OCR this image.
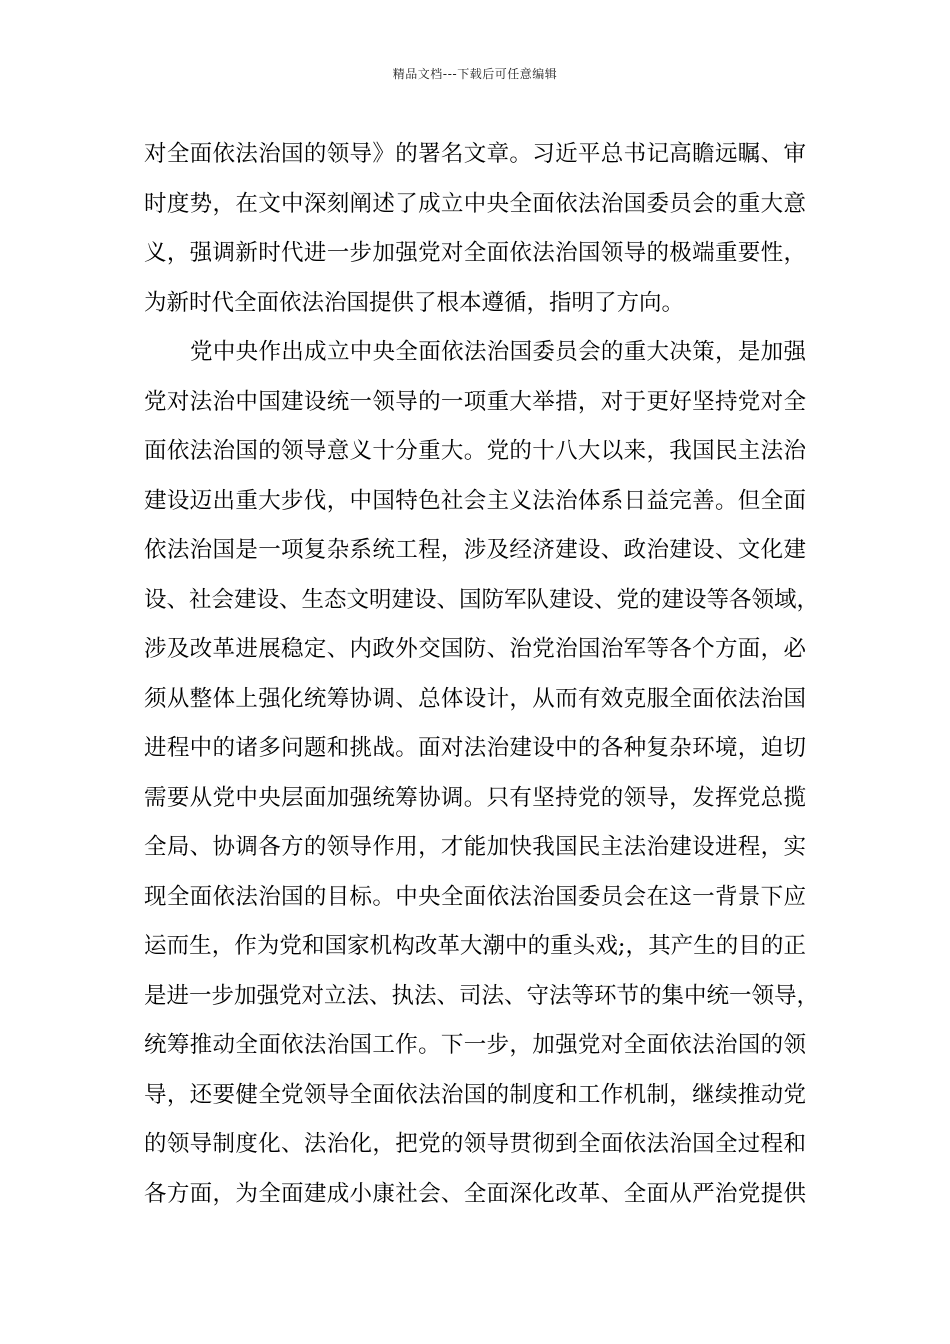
精品文档---下载后可任意编辑
对全面依法治国的领导》的署名文章。习近平总书记高瞻远瞩、审
时度势，在文中深刻阐述了成立中央全面依法治国委员会的重大意
义，强调新时代进一步加强党对全面依法治国领导的极端重要性，
为新时代全面依法治国提供了根本遵循，指明了方向。
党中央作出成立中央全面依法治国委员会的重大决策，是加强
党对法治中国建设统一领导的一项重大举措，对于更好坚持党对全
面依法治国的领导意义十分重大。党的十八大以来，我国民主法治
建设迈出重大步伐，中国特色社会主义法治体系日益完善。但全面
依法治国是一项复杂系统工程，涉及经济建设、政治建设、文化建
设、社会建设、生态文明建设、国防军队建设、党的建设等各领域，
涉及改革进展稳定、内政外交国防、治党治国治军等各个方面，必
须从整体上强化统筹协调、总体设计，从而有效克服全面依法治国
进程中的诸多问题和挑战。面对法治建设中的各种复杂环境，迫切
需要从党中央层面加强统筹协调。只有坚持党的领导，发挥党总揽
全局、协调各方的领导作用，才能加快我国民主法治建设进程，实
现全面依法治国的目标。中央全面依法治国委员会在这一背景下应
运而生，作为党和国家机构改革大潮中的重头戏;，其产生的目的正
是进一步加强党对立法、执法、司法、守法等环节的集中统一领导，
统筹推动全面依法治国工作。下一步，加强党对全面依法治国的领
导，还要健全党领导全面依法治国的制度和工作机制，继续推动党
的领导制度化、法治化，把党的领导贯彻到全面依法治国全过程和
各方面，为全面建成小康社会、全面深化改革、全面从严治党提供
